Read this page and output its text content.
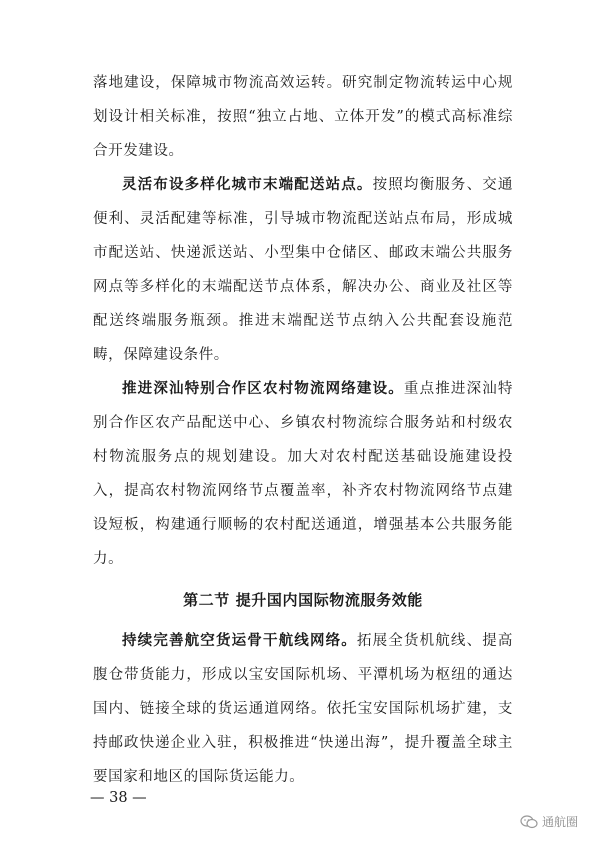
落地建设，保障城市物流高效运转。研究制定物流转运中心规划设计相关标准，按照“独立占地、立体开发”的模式高标准综合开发建设。

灵活布设多样化城市末端配送站点。按照均衡服务、交通便利、灵活配建等标准，引导城市物流配送站点布局，形成城市配送站、快递派送站、小型集中仓储区、邮政末端公共服务网点等多样化的末端配送节点体系，解决办公、商业及社区等配送终端服务瓶颈。推进末端配送节点纳入公共配套设施范畴，保障建设条件。

推进深汕特别合作区农村物流网络建设。重点推进深汕特别合作区农产品配送中心、乡镇农村物流综合服务站和村级农村物流服务点的规划建设。加大对农村配送基础设施建设投入，提高农村物流网络节点覆盖率，补齐农村物流网络节点建设短板，构建通行顺畅的农村配送通道，增强基本公共服务能力。

第二节 提升国内国际物流服务效能

持续完善航空货运骨干航线网络。拓展全货机航线、提高腹仓带货能力，形成以宝安国际机场、平潭机场为枢纽的通达国内、链接全球的货运通道网络。依托宝安国际机场扩建，支持邮政快递企业入驻，积极推进“快递出海”，提升覆盖全球主要国家和地区的国际货运能力。

— 38 —
通航圈
